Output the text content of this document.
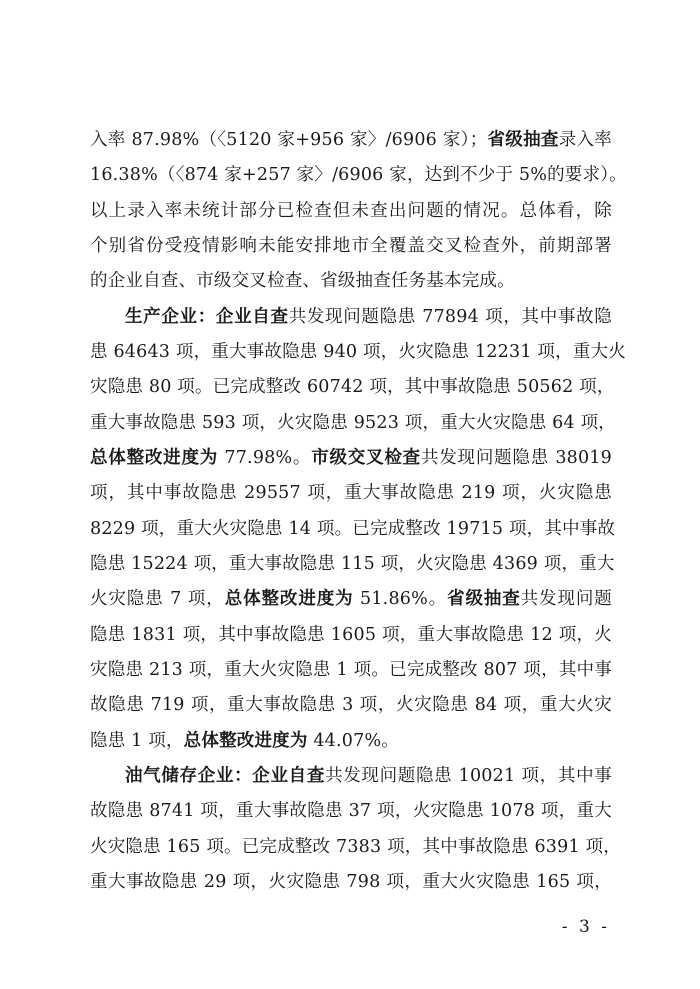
入率 87.98%（〈5120 家+956 家〉/6906 家）；省级抽查录入率
16.38%（〈874 家+257 家〉/6906 家，达到不少于 5%的要求）。
以上录入率未统计部分已检查但未查出问题的情况。总体看，除
个别省份受疫情影响未能安排地市全覆盖交叉检查外，前期部署
的企业自查、市级交叉检查、省级抽查任务基本完成。
生产企业：企业自查共发现问题隐患 77894 项，其中事故隐
患 64643 项，重大事故隐患 940 项，火灾隐患 12231 项，重大火
灾隐患 80 项。已完成整改 60742 项，其中事故隐患 50562 项，
重大事故隐患 593 项，火灾隐患 9523 项，重大火灾隐患 64 项，
总体整改进度为 77.98%。市级交叉检查共发现问题隐患 38019
项，其中事故隐患 29557 项，重大事故隐患 219 项，火灾隐患
8229 项，重大火灾隐患 14 项。已完成整改 19715 项，其中事故
隐患 15224 项，重大事故隐患 115 项，火灾隐患 4369 项，重大
火灾隐患 7 项，总体整改进度为 51.86%。省级抽查共发现问题
隐患 1831 项，其中事故隐患 1605 项，重大事故隐患 12 项，火
灾隐患 213 项，重大火灾隐患 1 项。已完成整改 807 项，其中事
故隐患 719 项，重大事故隐患 3 项，火灾隐患 84 项，重大火灾
隐患 1 项，总体整改进度为 44.07%。
油气储存企业：企业自查共发现问题隐患 10021 项，其中事
故隐患 8741 项，重大事故隐患 37 项，火灾隐患 1078 项，重大
火灾隐患 165 项。已完成整改 7383 项，其中事故隐患 6391 项，
重大事故隐患 29 项，火灾隐患 798 项，重大火灾隐患 165 项，
- 3 -
